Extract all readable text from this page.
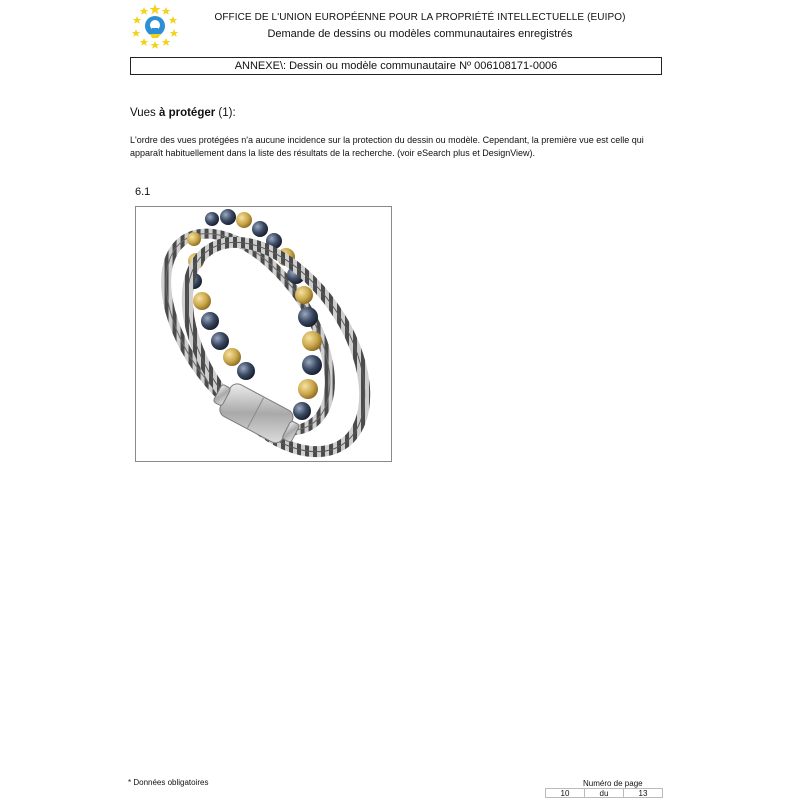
OFFICE DE L'UNION EUROPÉENNE POUR LA PROPRIÉTÉ INTELLECTUELLE (EUIPO)
Demande de dessins ou modèles communautaires enregistrés
ANNEXE\: Dessin ou modèle communautaire Nº 006108171-0006
Vues à protéger (1):
L'ordre des vues protégées n'a aucune incidence sur la protection du dessin ou modèle. Cependant, la première vue est celle qui apparaît habituellement dans la liste des résultats de la recherche. (voir eSearch plus et DesignView).
6.1
* Données obligatoires	Numéro de page
10	du	13
